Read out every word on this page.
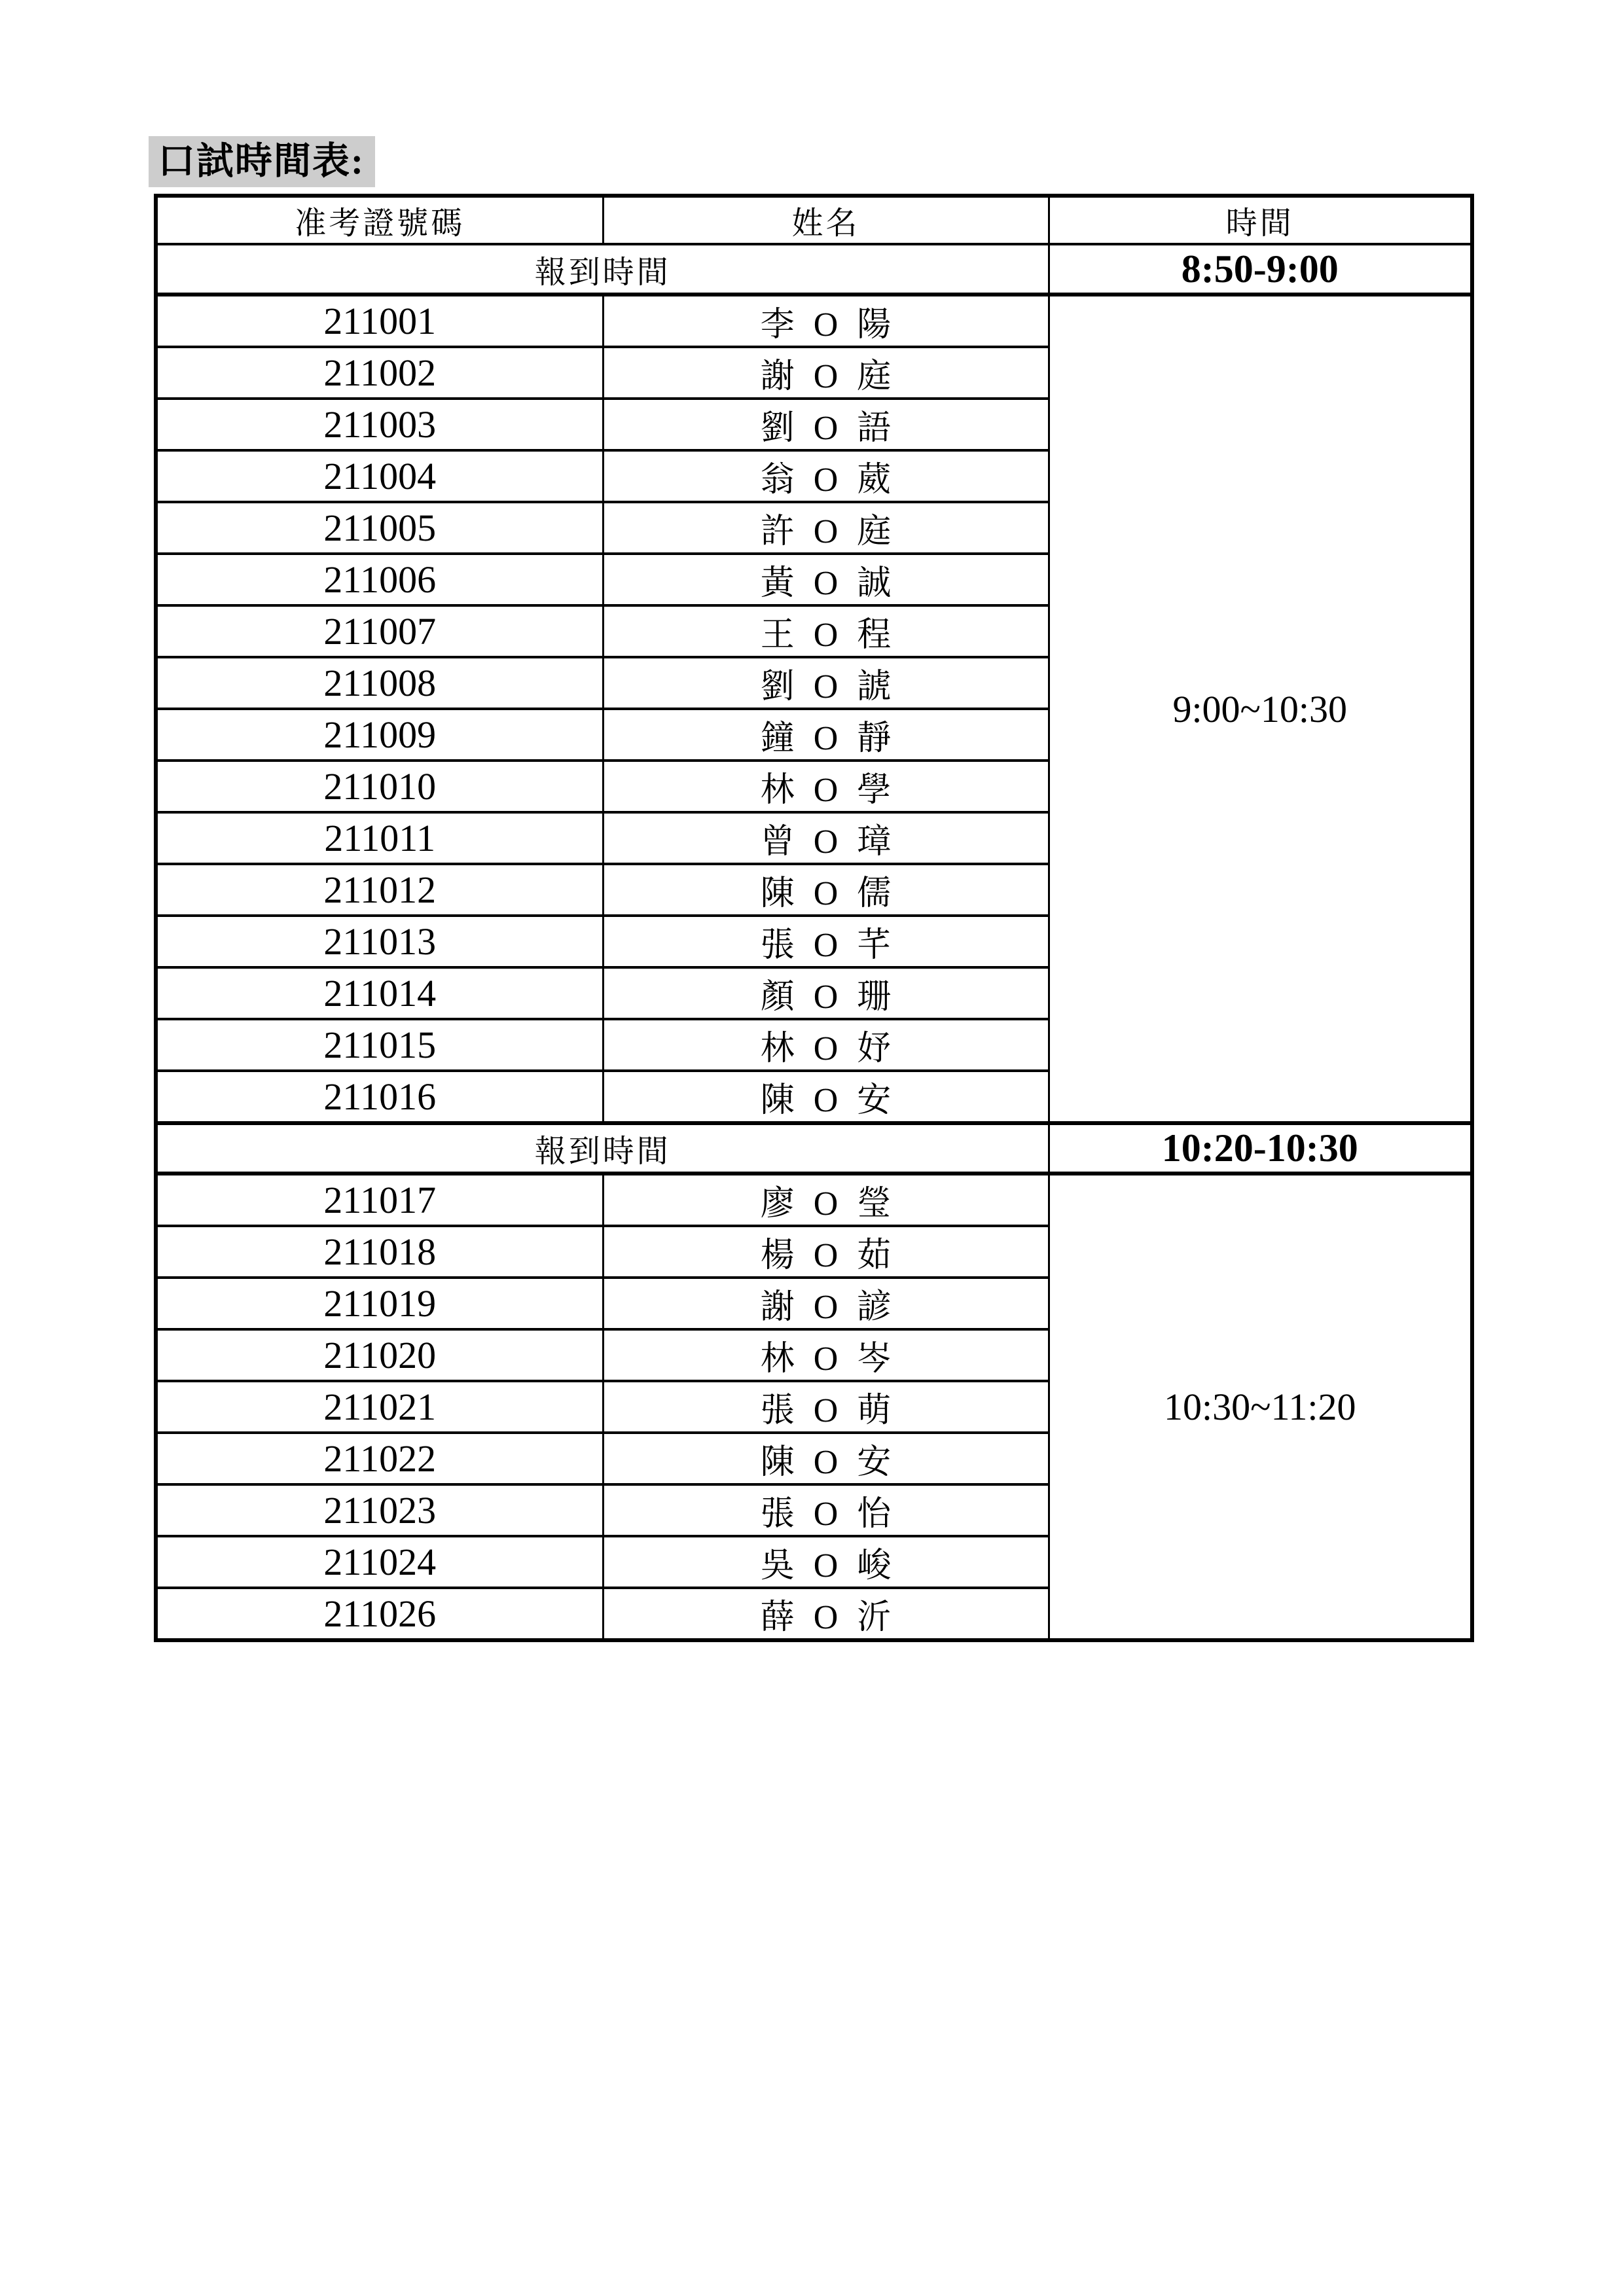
口試時間表:
准考證號碼	姓名	時間
報到時間		8:50-9:00
211001	李 O 陽	9:00~10:30
211002	謝 O 庭	
211003	劉 O 語	
211004	翁 O 葳	
211005	許 O 庭	
211006	黃 O 誠	
211007	王 O 程	
211008	劉 O 諕	
211009	鐘 O 靜	
211010	林 O 學	
211011	曾 O 璋	
211012	陳 O 儒	
211013	張 O 芊	
211014	顏 O 珊	
211015	林 O 妤	
211016	陳 O 安	
報到時間		10:20-10:30
211017	廖 O 瑩	10:30~11:20
211018	楊 O 茹	
211019	謝 O 諺	
211020	林 O 岑	
211021	張 O 萌	
211022	陳 O 安	
211023	張 O 怡	
211024	吳 O 峻	
211026	薛 O 沂	
